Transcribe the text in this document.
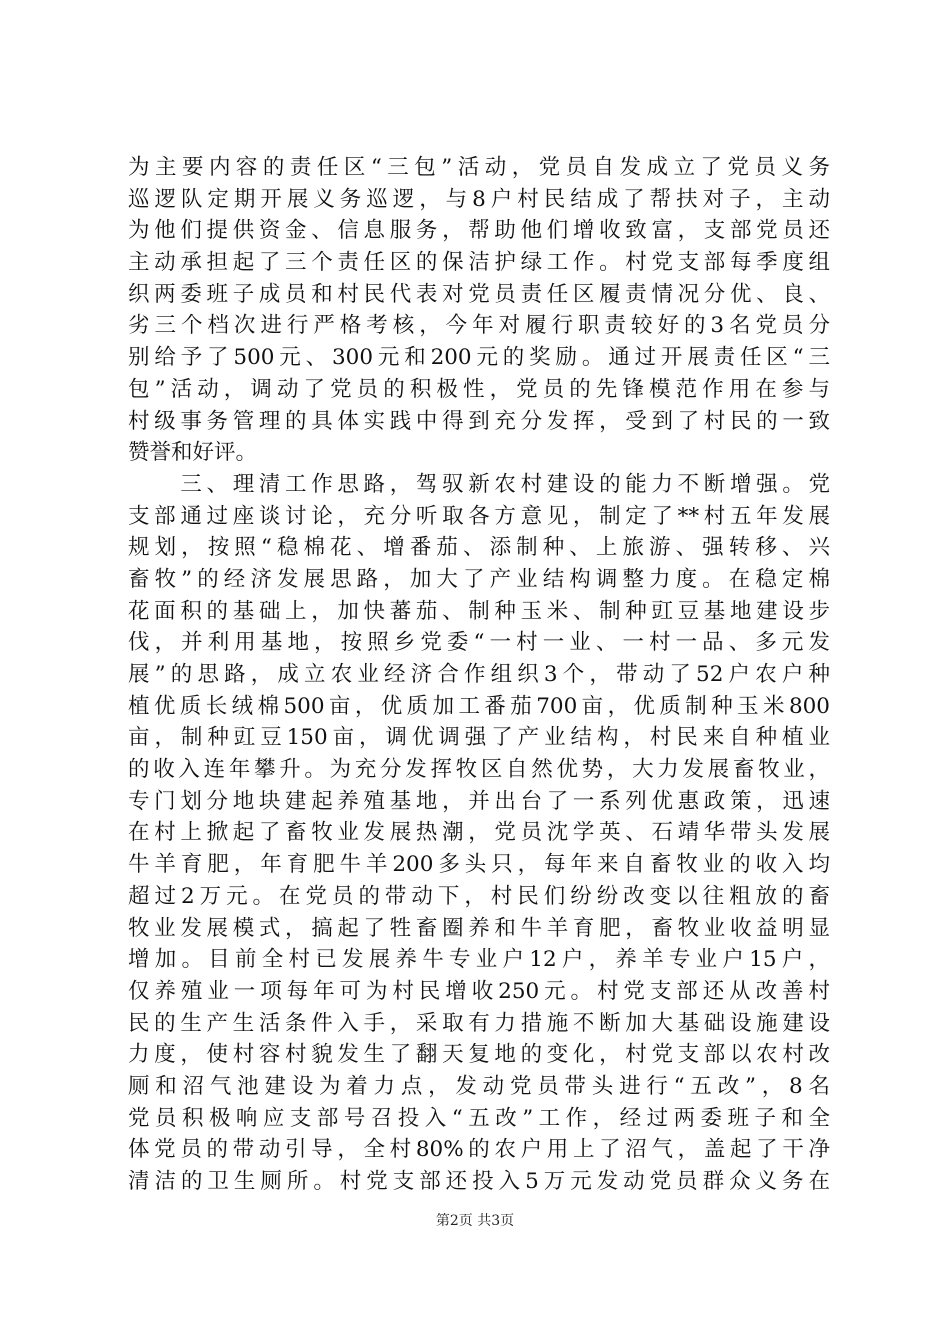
为主要内容的责任区“三包”活动，党员自发成立了党员义务
巡逻队定期开展义务巡逻，与8户村民结成了帮扶对子，主动
为他们提供资金、信息服务，帮助他们增收致富，支部党员还
主动承担起了三个责任区的保洁护绿工作。村党支部每季度组
织两委班子成员和村民代表对党员责任区履责情况分优、良、
劣三个档次进行严格考核，今年对履行职责较好的3名党员分
别给予了500元、300元和200元的奖励。通过开展责任区“三
包”活动，调动了党员的积极性，党员的先锋模范作用在参与
村级事务管理的具体实践中得到充分发挥，受到了村民的一致
赞誉和好评。
　　三、理清工作思路，驾驭新农村建设的能力不断增强。党
支部通过座谈讨论，充分听取各方意见，制定了**村五年发展
规划，按照“稳棉花、增番茄、添制种、上旅游、强转移、兴
畜牧”的经济发展思路，加大了产业结构调整力度。在稳定棉
花面积的基础上，加快蕃茄、制种玉米、制种豇豆基地建设步
伐，并利用基地，按照乡党委“一村一业、一村一品、多元发
展”的思路，成立农业经济合作组织3个，带动了52户农户种
植优质长绒棉500亩，优质加工番茄700亩，优质制种玉米800
亩，制种豇豆150亩，调优调强了产业结构，村民来自种植业
的收入连年攀升。为充分发挥牧区自然优势，大力发展畜牧业，
专门划分地块建起养殖基地，并出台了一系列优惠政策，迅速
在村上掀起了畜牧业发展热潮，党员沈学英、石靖华带头发展
牛羊育肥，年育肥牛羊200多头只，每年来自畜牧业的收入均
超过2万元。在党员的带动下，村民们纷纷改变以往粗放的畜
牧业发展模式，搞起了牲畜圈养和牛羊育肥，畜牧业收益明显
增加。目前全村已发展养牛专业户12户，养羊专业户15户，
仅养殖业一项每年可为村民增收250元。村党支部还从改善村
民的生产生活条件入手，采取有力措施不断加大基础设施建设
力度，使村容村貌发生了翻天复地的变化，村党支部以农村改
厕和沼气池建设为着力点，发动党员带头进行“五改”，8名
党员积极响应支部号召投入“五改”工作，经过两委班子和全
体党员的带动引导，全村80%的农户用上了沼气，盖起了干净
清洁的卫生厕所。村党支部还投入5万元发动党员群众义务在
第2页 共3页
